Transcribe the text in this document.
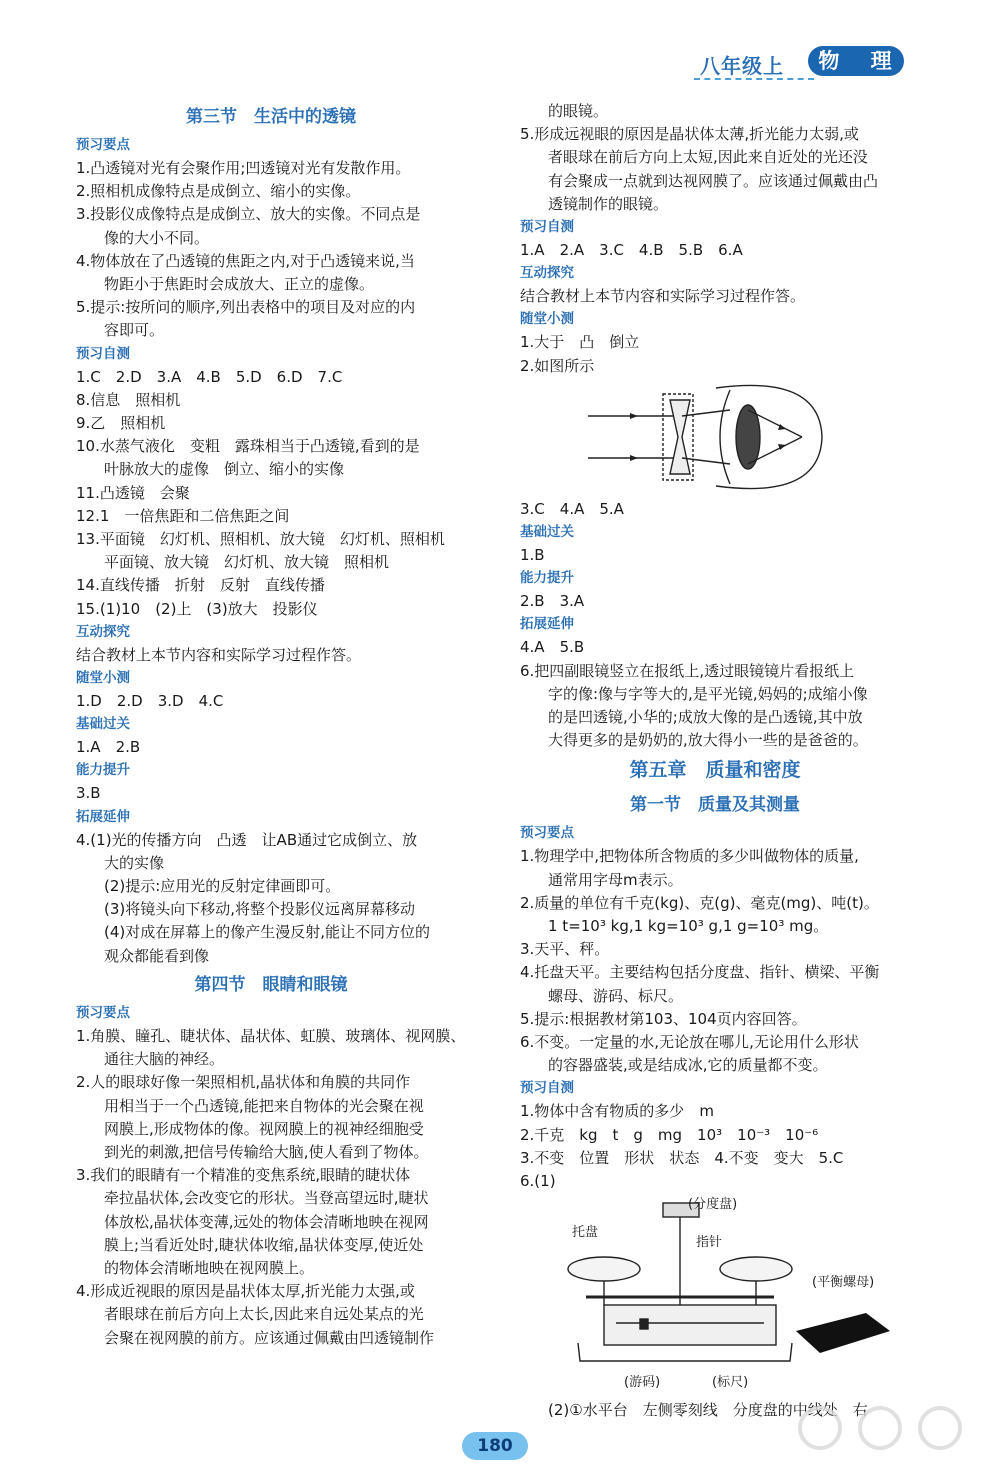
八年级上	物 理
第三节　生活中的透镜
预习要点
1.凸透镜对光有会聚作用;凹透镜对光有发散作用。
2.照相机成像特点是成倒立、缩小的实像。
3.投影仪成像特点是成倒立、放大的实像。不同点是
像的大小不同。
4.物体放在了凸透镜的焦距之内,对于凸透镜来说,当
物距小于焦距时会成放大、正立的虚像。
5.提示:按所问的顺序,列出表格中的项目及对应的内
容即可。
预习自测
1.C　2.D　3.A　4.B　5.D　6.D　7.C
8.信息　照相机
9.乙　照相机
10.水蒸气液化　变粗　露珠相当于凸透镜,看到的是
叶脉放大的虚像　倒立、缩小的实像
11.凸透镜　会聚
12.1　一倍焦距和二倍焦距之间
13.平面镜　幻灯机、照相机、放大镜　幻灯机、照相机
平面镜、放大镜　幻灯机、放大镜　照相机
14.直线传播　折射　反射　直线传播
15.(1)10　(2)上　(3)放大　投影仪
互动探究
结合教材上本节内容和实际学习过程作答。
随堂小测
1.D　2.D　3.D　4.C
基础过关
1.A　2.B
能力提升
3.B
拓展延伸
4.(1)光的传播方向　凸透　让AB通过它成倒立、放
大的实像
(2)提示:应用光的反射定律画即可。
(3)将镜头向下移动,将整个投影仪远离屏幕移动
(4)对成在屏幕上的像产生漫反射,能让不同方位的
观众都能看到像
第四节　眼睛和眼镜
预习要点
1.角膜、瞳孔、睫状体、晶状体、虹膜、玻璃体、视网膜、
通往大脑的神经。
2.人的眼球好像一架照相机,晶状体和角膜的共同作
用相当于一个凸透镜,能把来自物体的光会聚在视
网膜上,形成物体的像。视网膜上的视神经细胞受
到光的刺激,把信号传输给大脑,使人看到了物体。
3.我们的眼睛有一个精准的变焦系统,眼睛的睫状体
牵拉晶状体,会改变它的形状。当登高望远时,睫状
体放松,晶状体变薄,远处的物体会清晰地映在视网
膜上;当看近处时,睫状体收缩,晶状体变厚,使近处
的物体会清晰地映在视网膜上。
4.形成近视眼的原因是晶状体太厚,折光能力太强,或
者眼球在前后方向上太长,因此来自远处某点的光
会聚在视网膜的前方。应该通过佩戴由凹透镜制作
的眼镜。
5.形成远视眼的原因是晶状体太薄,折光能力太弱,或
者眼球在前后方向上太短,因此来自近处的光还没
有会聚成一点就到达视网膜了。应该通过佩戴由凸
透镜制作的眼镜。
预习自测
1.A　2.A　3.C　4.B　5.B　6.A
互动探究
结合教材上本节内容和实际学习过程作答。
随堂小测
1.大于　凸　倒立
2.如图所示
3.C　4.A　5.A
基础过关
1.B
能力提升
2.B　3.A
拓展延伸
4.A　5.B
6.把四副眼镜竖立在报纸上,透过眼镜镜片看报纸上
字的像:像与字等大的,是平光镜,妈妈的;成缩小像
的是凹透镜,小华的;成放大像的是凸透镜,其中放
大得更多的是奶奶的,放大得小一些的是爸爸的。
第五章　质量和密度
第一节　质量及其测量
预习要点
1.物理学中,把物体所含物质的多少叫做物体的质量,
通常用字母m表示。
2.质量的单位有千克(kg)、克(g)、毫克(mg)、吨(t)。
1 t=10³ kg,1 kg=10³ g,1 g=10³ mg。
3.天平、秤。
4.托盘天平。主要结构包括分度盘、指针、横梁、平衡
螺母、游码、标尺。
5.提示:根据教材第103、104页内容回答。
6.不变。一定量的水,无论放在哪儿,无论用什么形状
的容器盛装,或是结成冰,它的质量都不变。
预习自测
1.物体中含有物质的多少　m
2.千克　kg　t　g　mg　10³　10⁻³　10⁻⁶
3.不变　位置　形状　状态　4.不变　变大　5.C
6.(1)
(分度盘)
托盘
指针
(平衡螺母)
(游码)	(标尺)
(2)①水平台　左侧零刻线　分度盘的中线处　右
180
